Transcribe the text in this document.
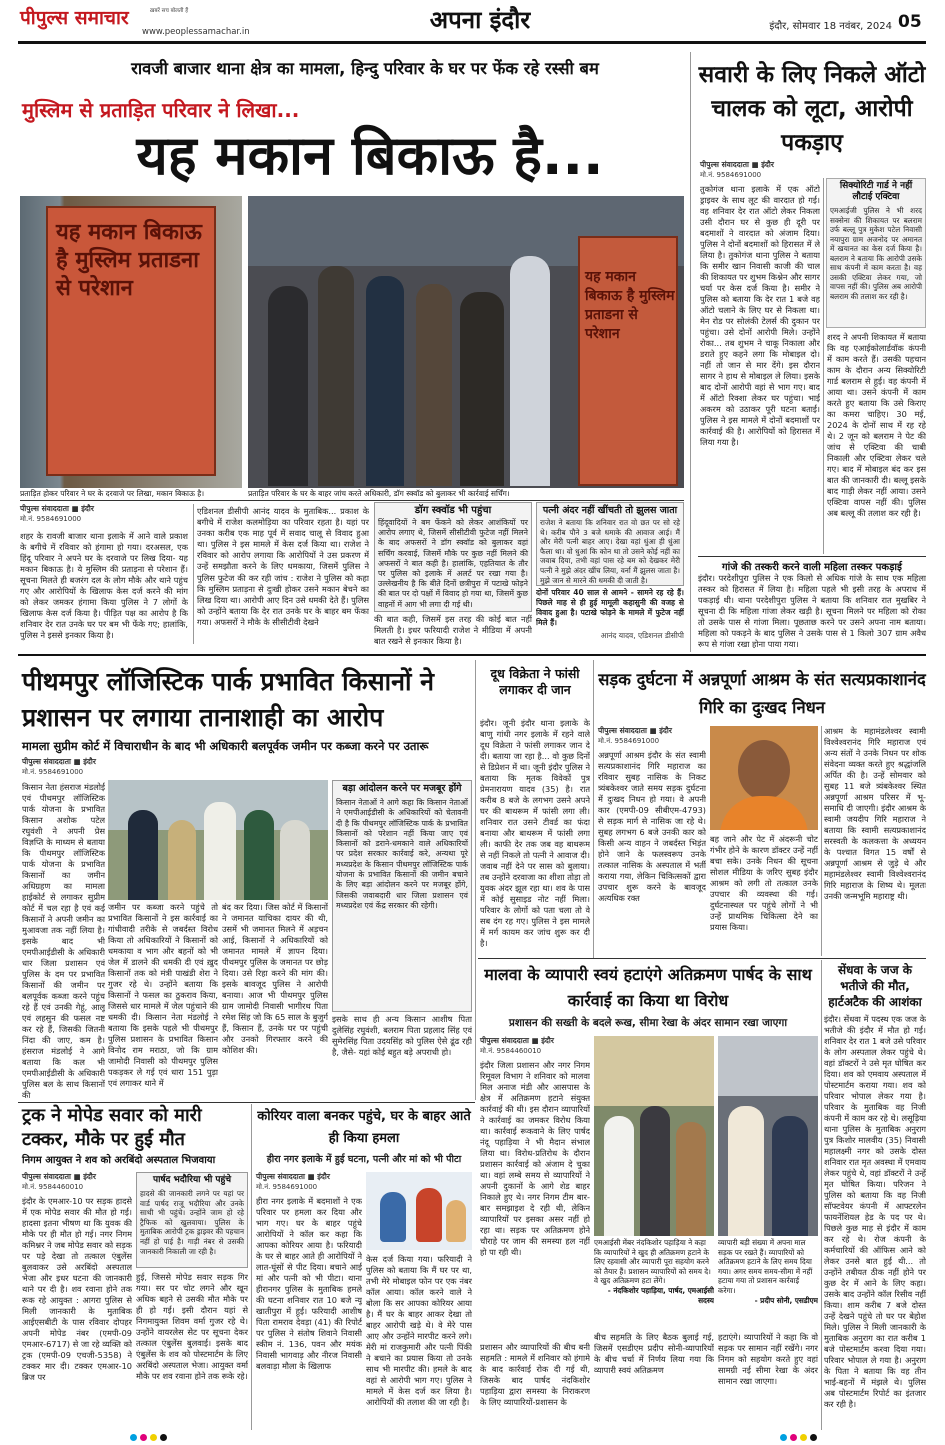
पीपुल्स समाचार	ख़बरें सच बोलती हैं
www.peoplessamachar.in	अपना इंदौर	इंदौर, सोमवार 18 नवंबर, 2024 05
रावजी बाजार थाना क्षेत्र का मामला, हिन्दु परिवार के घर पर फेंक रहे रस्सी बम
मुस्लिम से प्रताड़ित परिवार ने लिखा...
यह मकान बिकाऊ है...
यह मकान बिकाऊ है मुस्लिम प्रताडना से परेशान
प्रताड़ित होकर परिवार ने घर के दरवाजे पर लिखा, मकान बिकाऊ है।
यह मकान बिकाऊ है मुस्लिम प्रताडना से परेशान
प्रताड़ित परिवार के घर के बाहर जांच करते अधिकारी, डॉग स्क्वॉड को बुलाकर भी कार्रवाई सर्चिंग।
पीपुल्स संवाददाता ■ इंदौर
मो.नं. 9584691000
शहर के रावजी बाजार थाना इलाके में आने वाले प्रकाश के बगीचे में रविवार को हंगामा हो गया। दरअसल, एक हिंदू परिवार ने अपने घर के दरवाजे पर लिख दिया- यह मकान बिकाऊ है। ये मुस्लिम की प्रताड़ना से परेशान हैं। सूचना मिलते ही बजरंग दल के लोग मौके और थाने पहुंच गए और आरोपियों के खिलाफ केस दर्ज करने की मांग को लेकर जमकर हंगामा किया पुलिस ने 7 लोगों के खिलाफ केस दर्ज किया है। पीड़ित पक्ष का आरोप है कि शनिवार देर रात उनके घर पर बम भी फेंके गए; हालांकि, पुलिस ने इससे इनकार किया है।
एडिशनल डीसीपी आनंद यादव के मुताबिक... प्रकाश के बगीचे में राजेश कलमोड़िया का परिवार रहता है। यहां पर उनका करीब एक माह पूर्व में सवाद चालू से विवाद हुआ था। पुलिस ने इस मामले में केस दर्ज किया था। राजेश ने रविवार को आरोप लगाया कि आरोपियों ने उस प्रकरण में उन्हें समझौता करने के लिए धमकाया, जिसमें पुलिस ने
पुलिस फुटेज की कर रही जांच : राजेश ने पुलिस को कहा कि मुस्लिम प्रताड़ना से दुःखी होकर उसने मकान बेचने का लिख दिया था। आरोपी आए दिन उसे धमकी देते हैं। पुलिस को उन्होंने बताया कि देर रात उनके घर के बाहर बम फेंका गया। अफसरों ने मौके के सीसीटीवी देखने
डॉग स्क्वॉड भी पहुंचा
हिंदूवादियों ने बम फेंकने को लेकर आशंकियों पर आरोप लगाए थे, जिसमें सीसीटीवी फुटेज नहीं मिलने के बाद अफसरों ने डॉग स्क्वॉड को बुलाकर वहां सर्चिंग करवाई, जिसमें मौके पर कुछ नहीं मिलने की अफसरों ने बात कही है। हालांकि, एहतियात के तौर पर पुलिस को इलाके में अलर्ट पर रखा गया है। उल्लेखनीय है कि बीते दिनों छत्रीपुरा में पटाखे फोड़ने की बात पर दो पक्षों में विवाद हो गया था, जिसमें कुछ वाहनों में आग भी लगा दी गई थी।
की बात कही, जिसमें इस तरह की कोई बात नहीं मिलती है। इधर फरियादी राजेश ने मीडिया में अपनी बात रखने से इनकार किया है।
पत्नी अंदर नहीं खींचती तो झुलस जाता
राजेश ने बताया कि शनिवार रात वो छत पर सो रहे थे। करीब पौने 3 बजे धमाके की आवाज आई। मैं और मेरी पत्नी बाहर आए। देखा वहां धुंआ ही धुंआ फैला था। वो धुआं कि कोन था तो उसने कोई नहीं का जवाब दिया, तभी वहां पास रहे बम को देखकर मेरी पत्नी ने मुझे अंदर खींच लिया, वर्ना मैं झुलस जाता है। मुझे जान से मारने की धमकी दी जाती है।
दोनों परिवार 40 साल से आमने - सामने रह रहे हैं। पिछले माह से ही हुई मामूली कहासुनी की वजह से विवाद हुआ है। पटाखे फोड़ने के मामले में फुटेज नहीं मिले हैं।
आनंद यादव, एडिशनल डीसीपी
सवारी के लिए निकले ऑटो चालक को लूटा, आरोपी पकड़ाए
पीपुल्स संवाददाता ■ इंदौर
मो.नं. 9584691000
तुकोगंज थाना इलाके में एक ऑटो ड्राइवर के साथ लूट की वारदात हो गई। वह शनिवार देर रात ऑटो लेकर निकला उसी दौरान घर से कुछ ही दूरी पर बदमाशों ने वारदात को अंजाम दिया। पुलिस ने दोनों बदमाशों को हिरासत में ले लिया है। तुकोगंज थाना पुलिस ने बताया कि समीर खान निवासी काजी की चाल की शिकायत पर शुभम किश्नेन और सागर चर्या पर केस दर्ज किया है। समीर ने पुलिस को बताया कि देर रात 1 बजे वह ऑटो चलाने के लिए घर से निकला था। मेन रोड पर सोलंकी टेलर्स की दुकान पर पहुंचा। उसे दोनों आरोपी मिले। उन्होंने रोका... तब शुभम ने चाकू निकाला और डराते हुए कहने लगा कि मोबाइल दो। नहीं तो जान से मार देंगे। इस दौरान सागर ने हाथ से मोबाइल ले लिया। इसके बाद दोनों आरोपी वहां से भाग गए। बाद में ऑटो रिक्शा लेकर घर पहुंचा। भाई अकरम को उठाकर पूरी घटना बताई। पुलिस ने इस मामले में दोनों बदमाशों पर कार्रवाई की है। आरोपियों को हिरासत में लिया गया है।
सिक्योरिटी गार्ड ने नहीं लौटाई एक्टिवा
एमआईजी पुलिस ने भी शरद सक्सेना की शिकायत पर बलराम उर्फ बल्लू पुत्र मुकेश पटेल निवासी नयापुरा ग्राम अजनोद पर अमानत में खयानत का केस दर्ज किया है। बलराम ने बताया कि आरोपी उसके साथ कंपनी में काम करता है। वह उसकी एक्टिवा लेकर गया, जो वापस नहीं की। पुलिस अब आरोपी बलराम की तलाश कर रही है।
शरद ने अपनी शिकायत में बताया कि वह एआईकोलार्डवॉक कंपनी में काम करते हैं। उसकी पहचान काम के दौरान अन्य सिक्योरिटी गार्ड बलराम से हुई। वह कंपनी में आया था। उसने कंपनी में काम करते हुए बताया कि उसे किराए का कमरा चाहिए। 30 मई, 2024 के दोनों साथ में रह रहे थे। 2 जून को बलराम ने पेट की जांच से एक्टिवा की चाबी निकाली और एक्टिवा लेकर चले गए। बाद में मोबाइल बंद कर इस बात की जानकारी दी। बल्लू इसके बाद गाड़ी लेकर नहीं आया। उसने एक्टिवा वापस नहीं की। पुलिस अब बल्लू की तलाश कर रही है।
गांजे की तस्करी करने वाली महिला तस्कर पकड़ाई
इंदौर। परदेशीपुरा पुलिस ने एक किलो से अधिक गांजे के साथ एक महिला तस्कर को हिरासत में लिया है। महिला पहले भी इसी तरह के अपराध में पकड़ाई थी। थाना परदेशीपुरा पुलिस ने बताया कि शनिवार रात मुखबिर ने सूचना दी कि महिला गांजा लेकर खड़ी है। सूचना मिलने पर महिला को रोका तो उसके पास से गांजा मिला। पूछताछ करने पर उसने अपना नाम बताया। महिला को पकड़ने के बाद पुलिस ने उसके पास से 1 किलो 307 ग्राम अवैध रूप से गांजा रखा होना पाया गया।
पीथमपुर लॉजिस्टिक पार्क प्रभावित किसानों ने प्रशासन पर लगाया तानाशाही का आरोप
मामला सुप्रीम कोर्ट में विचाराधीन के बाद भी अधिकारी बलपूर्वक जमीन पर कब्जा करने पर उतारू
पीपुल्स संवाददाता ■ इंदौर
मो.नं. 9584691000
किसान नेता हंसराज मंडलोई एवं पीथमपुर लॉजिस्टिक पार्क योजना के प्रभावित किसान अशोक पटेल रघुवंशी ने अपनी प्रेस विज्ञप्ति के माध्यम से बताया कि पीथमपुर लॉजिस्टिक पार्क योजना के प्रभावित किसानों का जमीन अधिग्रहण का मामला हाईकोर्ट से लगाकर सुप्रीम कोर्ट में चल रहा है एवं कई किसानों ने अपनी जमीन का मुआवजा तक नहीं लिया है। इसके बाद भी एमपीआईडीसी के अधिकारी धार जिला प्रशासन एवं पुलिस के दम पर प्रभावित किसानों की जमीन पर बलपूर्वक कब्जा करने पहुंच रहे हैं एवं उनकी गेहूं, आलू एवं लहसुन की फसल नष्ट कर रहे हैं, जिसकी जितनी निंदा की जाए, कम है। हंसराज मंडलोई ने आगे बताया कि कल भी एमपीआईडीसी के अधिकारी पुलिस बल के साथ किसानों की
जमीन पर कब्जा करने पहुंचे तो प्रभावित किसानों ने इस कार्रवाई का गांधीवादी तरीके से जबर्दस्त विरोध किया तो अधिकारियों ने किसानों को धमकाया व भाग और बहनों को भी जेल में डालने की धमकी दी एवं ख़ुद किसानों तक को मंत्री पाखंडी शेरा ने गुजर रहे थे। उन्होंने बताया कि किसानों ने फसल का ठुकराव किया, जिससे धार मामले में जेल पहुंचाने की धमकी दी। किसान नेता मंडलोई ने बताया कि इसके पहले भी पीथमपुर पुलिस प्रशासन के प्रभावित किसान विनोद राम मराठा, जो कि ग्राम जामोदी निवासी को पीथमपुर पुलिस पकड़कर ले गई एवं धारा 151 पुड़ा एवं लगाकर थाने में
बंद कर दिया। जिस कोर्ट में किसानों ने जमानत याचिका दायर की थी, उसमें भी जमानत मिलने में अड़चन आई, किसानों ने अधिकारियों को जमानत मामले में ज्ञापन दिया। पीथमपुर पुलिस के जमानत पर छोड़ दिया। उसे रिहा करने की मांग की। इसके बावजूद पुलिस ने आरोपी बनाया। आज भी पीथमपुर पुलिस ग्राम जामोदी निवासी भागीरथ पिता रमेश सिंह जो कि 65 साल के बुजुर्ग हैं, किसान हैं, उनके घर पर पहुंची और उनको गिरफ्तार करने की कोशिश की।
बड़ा आंदोलन करने पर मजबूर होंगे
किसान नेताओं ने आगे कहा कि किसान नेताओं ने एमपीआईडीसी के अधिकारियों को चेतावनी दी है कि पीथमपुर लॉजिस्टिक पार्क के प्रभावित किसानों को परेशान नहीं किया जाए एवं किसानों को डराने-धमकाने वाले अधिकारियों पर प्रदेश सरकार कार्रवाई करे, अन्यथा पूरे मध्यप्रदेश के किसान पीथमपुर लॉजिस्टिक पार्क योजना के प्रभावित किसानों की जमीन बचाने के लिए बड़ा आंदोलन करने पर मजबूर होंगे, जिसकी जवाबदारी धार जिला प्रशासन एवं मध्यप्रदेश एवं केंद्र सरकार की रहेगी।
इसके साथ ही अन्य किसान आशीष पिता दुलेसिंह रघुवंशी, बलराम पिता प्रहलाद सिंह एवं सुमेरसिंह पिता उदयसिंह को पुलिस ऐसे ढूंढ रही है, जैसे- यहां कोई बहुत बड़े अपराधी हो।
दूध विक्रेता ने फांसी लगाकर दी जान
इंदौर। जूनी इंदौर थाना इलाके के बाणु गांधी नगर इलाके में रहने वाले दूध विक्रेता ने फांसी लगाकर जान दे दी। बताया जा रहा है... वो कुछ दिनों से डिप्रेशन में था। जूनी इंदौर पुलिस ने बताया कि मृतक विवेकों पुत्र प्रेमनारायण यादव (35) है। रात करीब 8 बजे के लगभग उसने अपने घर की बाथरूम में फांसी लगा ली। शनिवार रात उसने टीवर्ड का फंदा बनाया और बाथरूम में फांसी लगा ली। काफी देर तक जब वह बाथरूम से नहीं निकले तो पत्नी ने आवाज दी। जवाब नहीं देने पर सास को बुलाया। तब उन्होंने दरवाजा का शीशा तोड़ा तो युवक अंदर झूल रहा था। शव के पास में कोई सुसाइड नोट नहीं मिला। परिवार के लोगों को पता चला तो वे सब दंग रह गए। पुलिस ने इस मामले में मर्ग कायम कर जांच शुरू कर दी है।
सड़क दुर्घटना में अन्नपूर्णा आश्रम के संत सत्यप्रकाशानंद गिरि का दुःखद निधन
पीपुल्स संवाददाता ■ इंदौर
मो.नं. 9584691000
अन्नपूर्णा आश्रम इंदौर के संत स्वामी सत्यप्रकाशानंद गिरि महाराज का रविवार सुबह नासिक के निकट त्र्यंबकेश्वर जाते समय सड़क दुर्घटना में दुःखद निधन हो गया। वे अपनी कार (एमपी-09 सीबीएम-4793) से सड़क मार्ग से नासिक जा रहे थे। सुबह लगभग 6 बजे उनकी कार को किसी अन्य वाहन ने जबर्दस्त भिड़ंत होने जाने के फलस्वरूप उनके तत्काल नासिक के अस्पताल में भर्ती कराया गया, लेकिन चिकित्सकों द्वारा उपचार शुरू करने के बावजूद अत्यधिक रक्त
बह जाने और पेट में अंदरूनी चोट गंभीर होने के कारण डॉक्टर उन्हें नहीं बचा सके। उनके निधन की सूचना सोशल मीडिया के जरिए सुबह इंदौर आश्रम को लगी तो तत्काल उनके उपचार की व्यवस्था की गई। दुर्घटनास्थल पर पहुंचे लोगों ने भी उन्हें प्राथमिक चिकित्सा देने का प्रयास किया।
आश्रम के महामंडलेश्वर स्वामी विश्वेश्वरानंद गिरि महाराज एवं अन्य संतों ने उनके निधन पर शोक संवेदना व्यक्त करते हुए श्रद्धांजलि अर्पित की है। उन्हें सोमवार को सुबह 11 बजे त्र्यंबकेश्वर स्थित अन्नपूर्णा आश्रम परिसर में भू-समाधि दी जाएगी। इंदौर आश्रम के स्वामी जयदीप गिरि महाराज ने बताया कि स्वामी सत्यप्रकाशानंद सरस्वती के कलकत्ता के अध्ययन के पश्चात विगत 15 वर्षों से अन्नपूर्णा आश्रम से जुड़े थे और महामंडलेश्वर स्वामी विश्वेश्वरानंद गिरि महाराज के शिष्य थे। मूलतः उनकी जन्मभूमि महाराष्ट्र थी।
मालवा के व्यापारी स्वयं हटाएंगे अतिक्रमण पार्षद के साथ कार्रवाई का किया था विरोध
प्रशासन की सख्ती के बदले रूख, सीमा रेखा के अंदर सामान रखा जाएगा
पीपुल्स संवाददाता ■ इंदौर
मो.नं. 9584460010
इंदौर जिला प्रशासन और नगर निगम रिमूवल विभाग ने शनिवार को मालवा मिल अनाज मंडी और आसपास के क्षेत्र में अतिक्रमण हटाने संयुक्त कार्रवाई की थी। इस दौरान व्यापारियों ने कार्रवाई का जमकर विरोध किया था। कार्रवाई रूकवाने के लिए पार्षद नंदू पहाड़िया ने भी मैदान संभाल लिया था। विरोध-प्रतिरोध के दौरान प्रशासन कार्रवाई को अंजाम दे चुका था। वहां लम्बे समय से व्यापारियों ने अपनी दुकानों के आगे शेड बाहर निकाले हुए थे। नगर निगम टीम बार-बार समझाइश दे रही थी, लेकिन व्यापारियों पर इसका असर नहीं हो रहा था। सड़क पर अतिक्रमण होने चौराहे पर जाम की समस्या हल नहीं हो पा रही थी।
प्रशासन और व्यापारियों की बीच बनी सहमति : मामले में शनिवार को हंगामे के बाद कार्रवाई रोक दी गई थी, जिसके बाद पार्षद नंदकिशोर पहाड़िया द्वारा समस्या के निराकरण के लिए व्यापारियों-प्रशासन के
एमआईसी मेंबर नंदकिशोर पहाड़िया ने कहा कि व्यापारियों ने खुद ही अतिक्रमण हटाने के लिए रहवासी और व्यापारी पूरा सहयोग करने को तैयार हैं। प्रशासन व्यापारियों को समय दे। वे खुद अतिक्रमण हटा लेंगे।
- नंदकिशोर पहाड़िया, पार्षद, एमआईसी सदस्य
व्यापारी बड़ी संख्या में अपना माल सड़क पर रखते हैं। व्यापारियों को अतिक्रमण हटाने के लिए समय दिया गया। अगर समय समय-सीमा में नहीं हटाया गया तो प्रशासन कार्रवाई करेगा।
- प्रदीप सोनी, एसडीएम
बीच सहमति के लिए बैठक बुलाई गई, जिसमें एसडीएम प्रदीप सोनी-व्यापारियों के बीच चर्चा में निर्णय लिया गया कि व्यापारी स्वयं अतिक्रमण
हटाएंगे। व्यापारियों ने कहा कि वो सड़क पर सामान नहीं रखेंगे। नगर निगम को सहयोग करते हुए वहां सामग्री नई सीमा रेखा के अंदर सामान रखा जाएगा।
सेंधवा के जज के भतीजे की मौत, हार्टअटैक की आशंका
इंदौर। सेंधवा में पदस्थ एक जज के भतीजे की इंदौर में मौत हो गई। शनिवार देर रात 1 बजे उसे परिवार के लोग अस्पताल लेकर पहुंचे थे। वहां डॉक्टरों ने उसे मृत घोषित कर दिया। शव को एमवाय अस्पताल में पोस्टमार्टम कराया गया। शव को परिवार भोपाल लेकर गया है। परिवार के मुताबिक वह निजी कंपनी में काम कर रहे थे। लसूड़िया थाना पुलिस के मुताबिक अनुराग पुत्र किशोर मालवीय (35) निवासी महालक्ष्मी नगर को उसके दोस्त शनिवार रात मृत अवस्था में एमवाय लेकर पहुंचे थे, वहां डॉक्टरों ने उन्हें मृत घोषित किया। परिजन ने पुलिस को बताया कि वह निजी सॉफ्टवेयर कंपनी में आफ्टरलेन फायनेंशियल हेड के पद पर थे। पिछले कुछ माह से इंदौर में काम कर रहे थे। रोज कंपनी के कर्मचारियों की ऑफिस आने को लेकर उनसे बात हुई थी... तो उन्होंने तबीयत ठीक नहीं होने पर कुछ देर में आने के लिए कहा। उसके बाद उन्होंने कॉल रिसीव नहीं किया। शाम करीब 7 बजे दोस्त उन्हें देखने पहुंचे तो घर पर बेहोश मिले। पुलिस ने मिली जानकारी के मुताबिक अनुराग का रात करीब 1 बजे पोस्टमार्टम करवा दिया गया। परिवार भोपाल ले गया है। अनुराग के पिता ने बताया कि वह तीन भाई-बहनों में मंझले थे। पुलिस अब पोस्टमार्टम रिपोर्ट का इंतजार कर रही है।
ट्रक ने मोपेड सवार को मारी टक्कर, मौके पर हुई मौत
निगम आयुक्त ने शव को अरबिंदो अस्पताल भिजवाया
पीपुल्स संवाददाता ■ इंदौर
मो.नं. 9584460010
इंदौर के एमआर-10 पर सड़क हादसे में एक मोपेड सवार की मौत हो गई। हादसा इतना भीषण था कि युवक की मौके पर ही मौत हो गई। नगर निगम कमिश्नर ने जब मोपेड सवार को सड़क पर पड़े देखा तो तत्काल एंबुलेंस बुलवाकर उसे अरबिंदो अस्पताल भेजा और इधर घटना की जानकारी थाने पर दी है। शव रवाना होने तक रूक रहे आयुक्त : आगरा पुलिस से मिली जानकारी के मुताबिक आईएसबीटी के पास रविवार दोपहर अपनी मोपेड नंबर (एमपी-09 एमआर-6717) से जा रहे व्यक्ति को ट्रक (एमपी-09 एचजी-5358) ने टक्कर मार दी। टक्कर एमआर-10 ब्रिज पर
पार्षद भदौरिया भी पहुंचे
हादसे की जानकारी लगने पर यहां पर वार्ड पार्षद राजू भदौरिया और उनके साथी भी पहुंचे। उन्होंने जाम हो रहे ट्रैफिक को खुलवाया। पुलिस के मुताबिक आरोपी ट्रक ड्राइवर की पहचान नहीं हो पाई है। गाड़ी नंबर से उसकी जानकारी निकाली जा रही है।
हुई, जिससे मोपेड सवार सड़क गिर गया। सर पर चोट लगने और खून अधिक बहने से उसकी मौत मौके पर ही हो गई। इसी दौरान यहां से निगमायुक्त शिवम वर्मा गुजर रहे थे। उन्होंने वायरलेस सेट पर सूचना देकर तत्काल एंबुलेंस बुलवाई। इसके बाद एंबुलेंस के शव को पोस्टमार्टम के लिए अरबिंदो अस्पताल भेजा। आयुक्त वर्मा मौके पर शव रवाना होने तक रूके रहे।
कोरियर वाला बनकर पहुंचे, घर के बाहर आते ही किया हमला
हीरा नगर इलाके में हुई घटना, पत्नी और मां को भी पीटा
पीपुल्स संवाददाता ■ इंदौर
मो.नं. 9584691000
हीरा नगर इलाके में बदमाशों ने एक परिवार पर हमला कर दिया और भाग गए। घर के बाहर पहुंचे आरोपियों ने कॉल कर कहा कि आपका कोरियर आया है। फरियादी के घर से बाहर आते ही आरोपियों ने लात-घूंसों से पीट दिया। बचाने आई मां और पत्नी को भी पीटा। थाना हीरानगर पुलिस के मुताबिक हमले की घटना शनिवार रात 10 बजे न्यू खातीपुरा में हुई। फरियादी आशीष पिता रामराव देवड़ा (41) की रिपोर्ट पर पुलिस ने संतोष शिवाने निवासी स्कीम नं. 136, पवन और मयंक निवासी भागवाड़ और नीरज निवासी बलवाड़ा मौला के खिलाफ
केस दर्ज किया गया। फरियादी ने पुलिस को बताया कि मैं घर पर था, तभी मेरे मोबाइल फोन पर एक नंबर कॉल आया। कॉल करने वाले ने बोला कि सर आपका कोरियर आया है। मैं घर के बाहर आकर देखा तो बाहर आरोपी खड़े थे। वे मेरे पास आए और उन्होंने मारपीट करने लगे। मेरी मां राजकुमारी और पत्नी पिंकी ने बचाने का प्रयास किया तो उनके साथ भी मारपीट की। हमले के बाद वहां से आरोपी भाग गए। पुलिस ने मामले में केस दर्ज कर लिया है। आरोपियों की तलाश की जा रही है।
